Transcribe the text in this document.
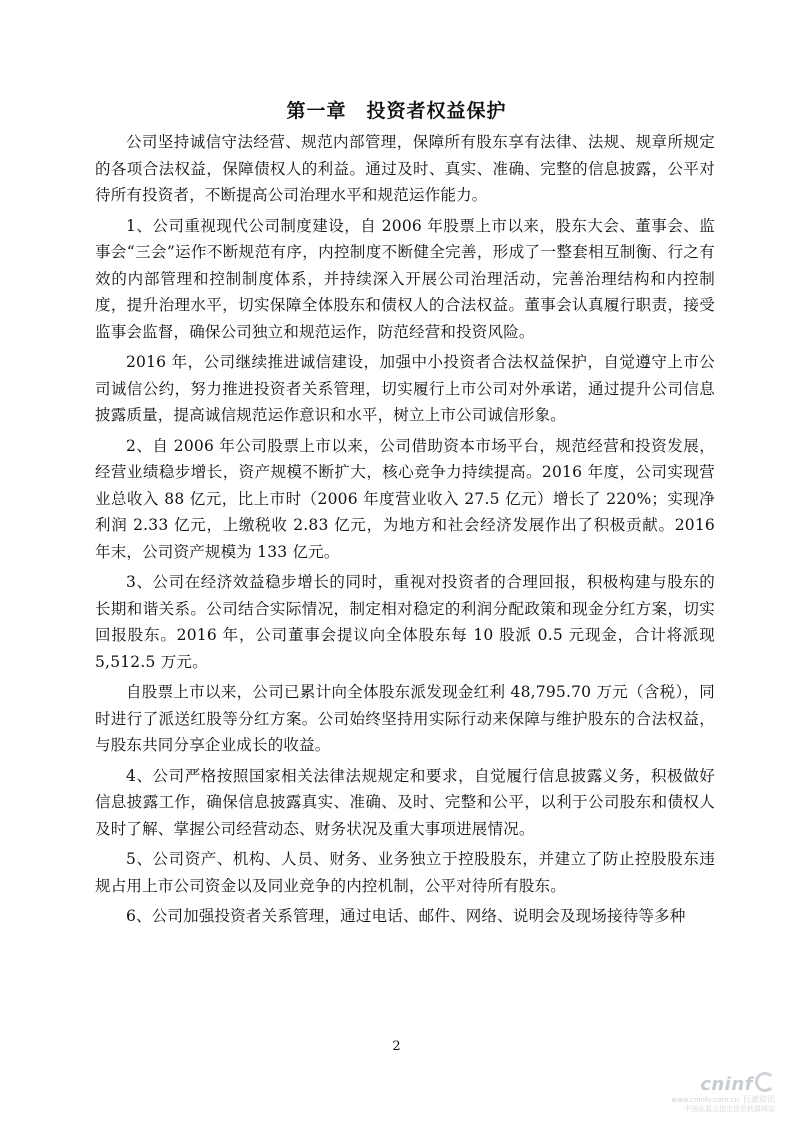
第一章　投资者权益保护

公司坚持诚信守法经营、规范内部管理，保障所有股东享有法律、法规、规章所规定的各项合法权益，保障债权人的利益。通过及时、真实、准确、完整的信息披露，公平对待所有投资者，不断提高公司治理水平和规范运作能力。

1、公司重视现代公司制度建设，自 2006 年股票上市以来，股东大会、董事会、监事会“三会”运作不断规范有序，内控制度不断健全完善，形成了一整套相互制衡、行之有效的内部管理和控制制度体系，并持续深入开展公司治理活动，完善治理结构和内控制度，提升治理水平，切实保障全体股东和债权人的合法权益。董事会认真履行职责，接受监事会监督，确保公司独立和规范运作，防范经营和投资风险。

2016 年，公司继续推进诚信建设，加强中小投资者合法权益保护，自觉遵守上市公司诚信公约，努力推进投资者关系管理，切实履行上市公司对外承诺，通过提升公司信息披露质量，提高诚信规范运作意识和水平，树立上市公司诚信形象。

2、自 2006 年公司股票上市以来，公司借助资本市场平台，规范经营和投资发展，经营业绩稳步增长，资产规模不断扩大，核心竞争力持续提高。2016 年度，公司实现营业总收入 88 亿元，比上市时（2006 年度营业收入 27.5 亿元）增长了 220%；实现净利润 2.33 亿元，上缴税收 2.83 亿元，为地方和社会经济发展作出了积极贡献。2016 年末，公司资产规模为 133 亿元。

3、公司在经济效益稳步增长的同时，重视对投资者的合理回报，积极构建与股东的长期和谐关系。公司结合实际情况，制定相对稳定的利润分配政策和现金分红方案，切实回报股东。2016 年，公司董事会提议向全体股东每 10 股派 0.5 元现金，合计将派现 5,512.5 万元。

自股票上市以来，公司已累计向全体股东派发现金红利 48,795.70 万元（含税），同时进行了派送红股等分红方案。公司始终坚持用实际行动来保障与维护股东的合法权益，与股东共同分享企业成长的收益。

4、公司严格按照国家相关法律法规规定和要求，自觉履行信息披露义务，积极做好信息披露工作，确保信息披露真实、准确、及时、完整和公平，以利于公司股东和债权人及时了解、掌握公司经营动态、财务状况及重大事项进展情况。

5、公司资产、机构、人员、财务、业务独立于控股股东，并建立了防止控股股东违规占用上市公司资金以及同业竞争的内控机制，公平对待所有股东。

6、公司加强投资者关系管理，通过电话、邮件、网络、说明会及现场接待等多种

2
cninf
www.cninfo.com.cn 巨潮资讯
中国证监会指定信息披露网站
